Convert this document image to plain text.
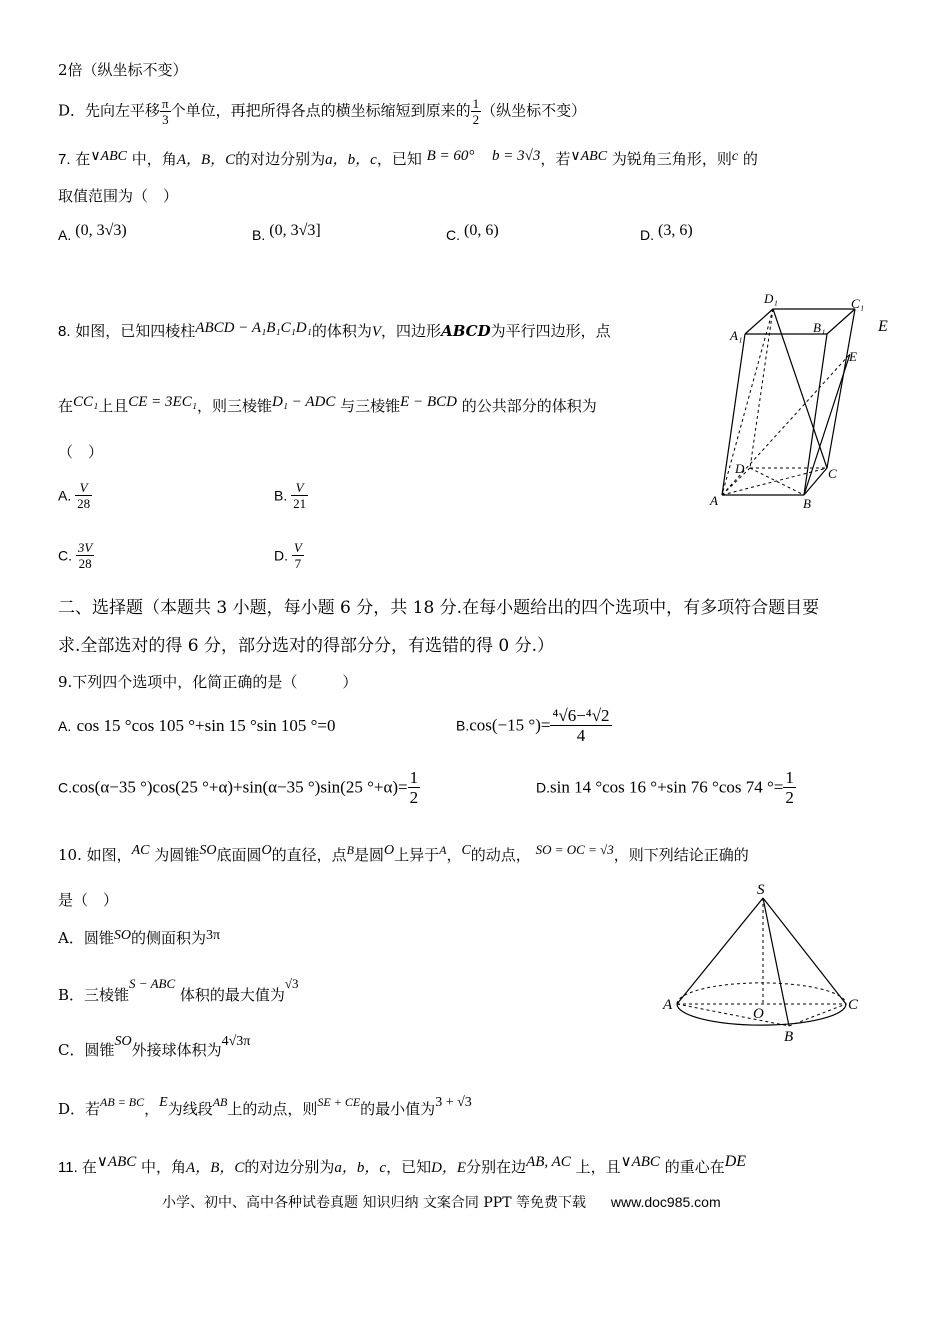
2倍（纵坐标不变）
D．先向左平移 $\frac{\pi}{3}$ 个单位，再把所得各点的横坐标缩短到原来的 $\frac{1}{2}$ （纵坐标不变）
7. 在∨ABC 中，角A，B，C的对边分别为a，b，c，已知 B = 60° b = 3√3，若∨ABC 为锐角三角形，则c 的
取值范围为（　）
A. (0, 3√3)	B. (0, 3√3]	C. (0, 6)	D. (3, 6)
8. 如图，已知四棱柱ABCD − A₁B₁C₁D₁的体积为V，四边形ABCD为平行四边形，点	E
在CC₁上且CE = 3EC₁，则三棱锥D₁ − ADC 与三棱锥E − BCD 的公共部分的体积为
（　）
A. $\frac{V}{28}$	B. $\frac{V}{21}$
C. $\frac{3V}{28}$	D. $\frac{V}{7}$
D₁	C₁
A₁
B₁
E
D	C
A	B
二、选择题（本题共 3 小题，每小题 6 分，共 18 分.在每小题给出的四个选项中，有多项符合题目要
求.全部选对的得 6 分，部分选对的得部分分，有选错的得 0 分.）
9.下列四个选项中，化简正确的是（　　　）
A. cos 15 °cos 105 °+sin 15 °sin 105 °=0	B.cos(−15 °)= $\frac{\text{⁴√6−⁴√2}}{4}$
C.cos(α−35 °)cos(25 °+α)+sin(α−35 °)sin(25 $^\circ+\alpha)= \frac{1}{2}$	D.sin 14 °cos 16 °+sin 76 °cos 74 °= $\frac{1}{2}$
10. 如图，AC 为圆锥SO底面圆O的直径，点$^B$是圆O上异于$^A$，C的动点， SO = OC = √3，则下列结论正确的
是（　）
A．圆锥SO的侧面积为3π
B．三棱锥S − ABC 体积的最大值为√3
C．圆锥SO外接球体积为4√3π
D．若$^{AB = BC}$，E为线段$^{AB}$上的动点，则$^{SE + CE}$的最小值为3 + √3
S
A
O
C
B
11. 在∨ABC 中，角A，B，C的对边分别为a，b，c，已知D，E分别在边AB, AC 上，且∨ABC 的重心在DE
小学、初中、高中各种试卷真题 知识归纳 文案合同 PPT 等免费下载 www.doc985.com
